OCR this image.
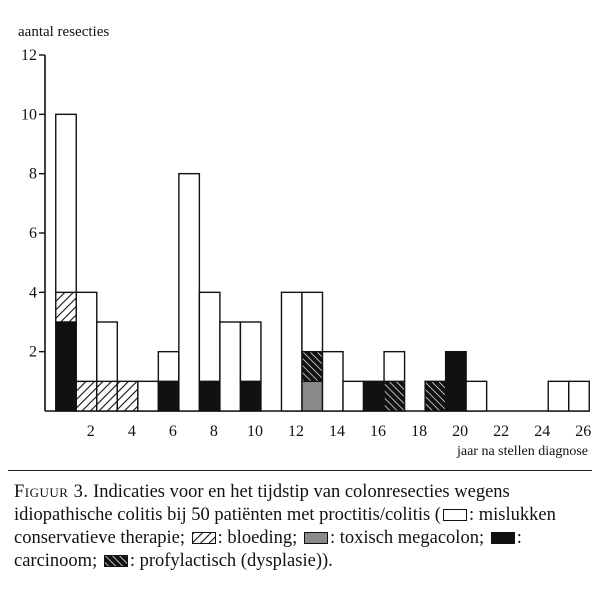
2
4
6
8
10
12
2 4 6 8 10 12 14 16 18 20 22 24 26
aantal resecties
jaar na stellen diagnose
Figuur 3. Indicaties voor en het tijdstip van colonresecties wegens idiopathische colitis bij 50 patiënten met proctitis/colitis ( : mislukken conservatieve therapie; : bloeding; : toxisch megacolon; : carcinoom; : profylactisch (dysplasie)).
